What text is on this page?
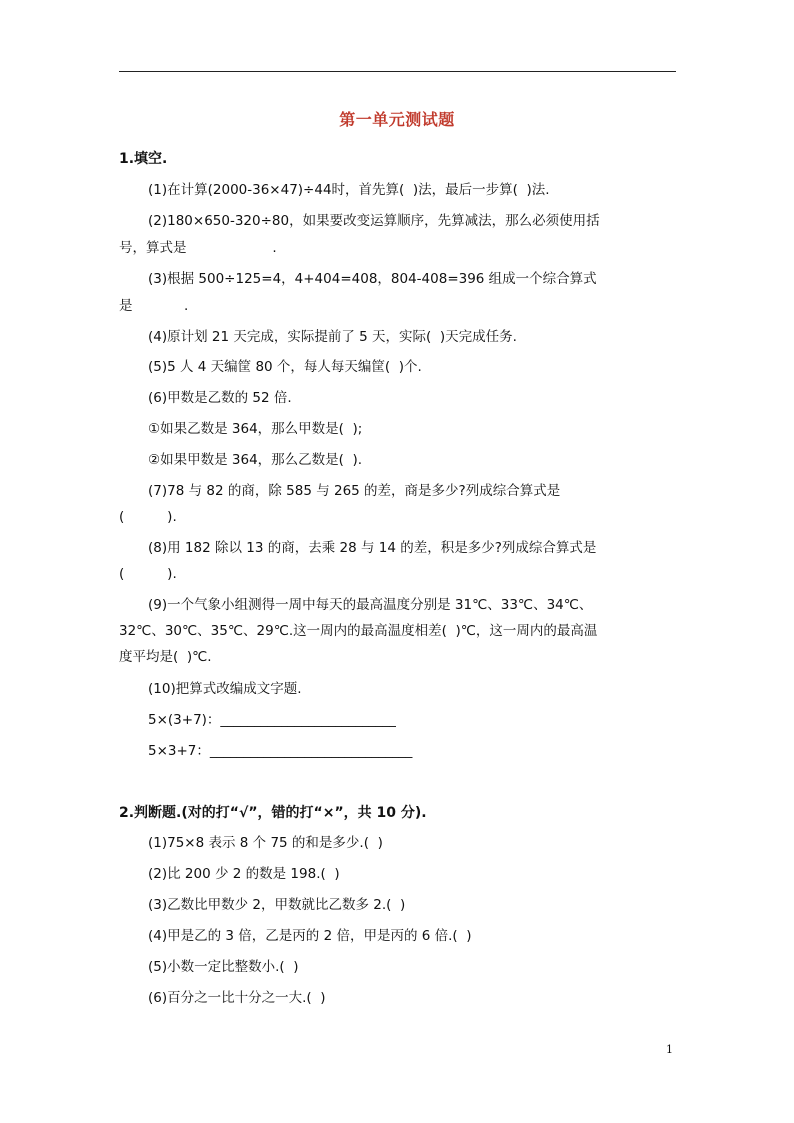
第一单元测试题
1.填空.
(1)在计算(2000-36×47)÷44时，首先算(  )法，最后一步算(  )法.
(2)180×650-320÷80，如果要改变运算顺序，先算减法，那么必须使用括
号，算式是                    .
(3)根据 500÷125=4，4+404=408，804-408=396 组成一个综合算式
是            .
(4)原计划 21 天完成，实际提前了 5 天，实际(  )天完成任务.
(5)5 人 4 天编筐 80 个，每人每天编筐(  )个.
(6)甲数是乙数的 52 倍.
①如果乙数是 364，那么甲数是(  );
②如果甲数是 364，那么乙数是(  ).
(7)78 与 82 的商，除 585 与 265 的差，商是多少?列成综合算式是
(          ).
(8)用 182 除以 13 的商，去乘 28 与 14 的差，积是多少?列成综合算式是
(          ).
(9)一个气象小组测得一周中每天的最高温度分别是 31℃、33℃、34℃、
32℃、30℃、35℃、29℃.这一周内的最高温度相差(  )℃，这一周内的最高温
度平均是(  )℃.
(10)把算式改编成文字题.
5×(3+7)：__________________________
5×3+7：______________________________
2.判断题.(对的打“√”，错的打“×”，共 10 分).
(1)75×8 表示 8 个 75 的和是多少.(  )
(2)比 200 少 2 的数是 198.(  )
(3)乙数比甲数少 2，甲数就比乙数多 2.(  )
(4)甲是乙的 3 倍，乙是丙的 2 倍，甲是丙的 6 倍.(  )
(5)小数一定比整数小.(  )
(6)百分之一比十分之一大.(  )
1
